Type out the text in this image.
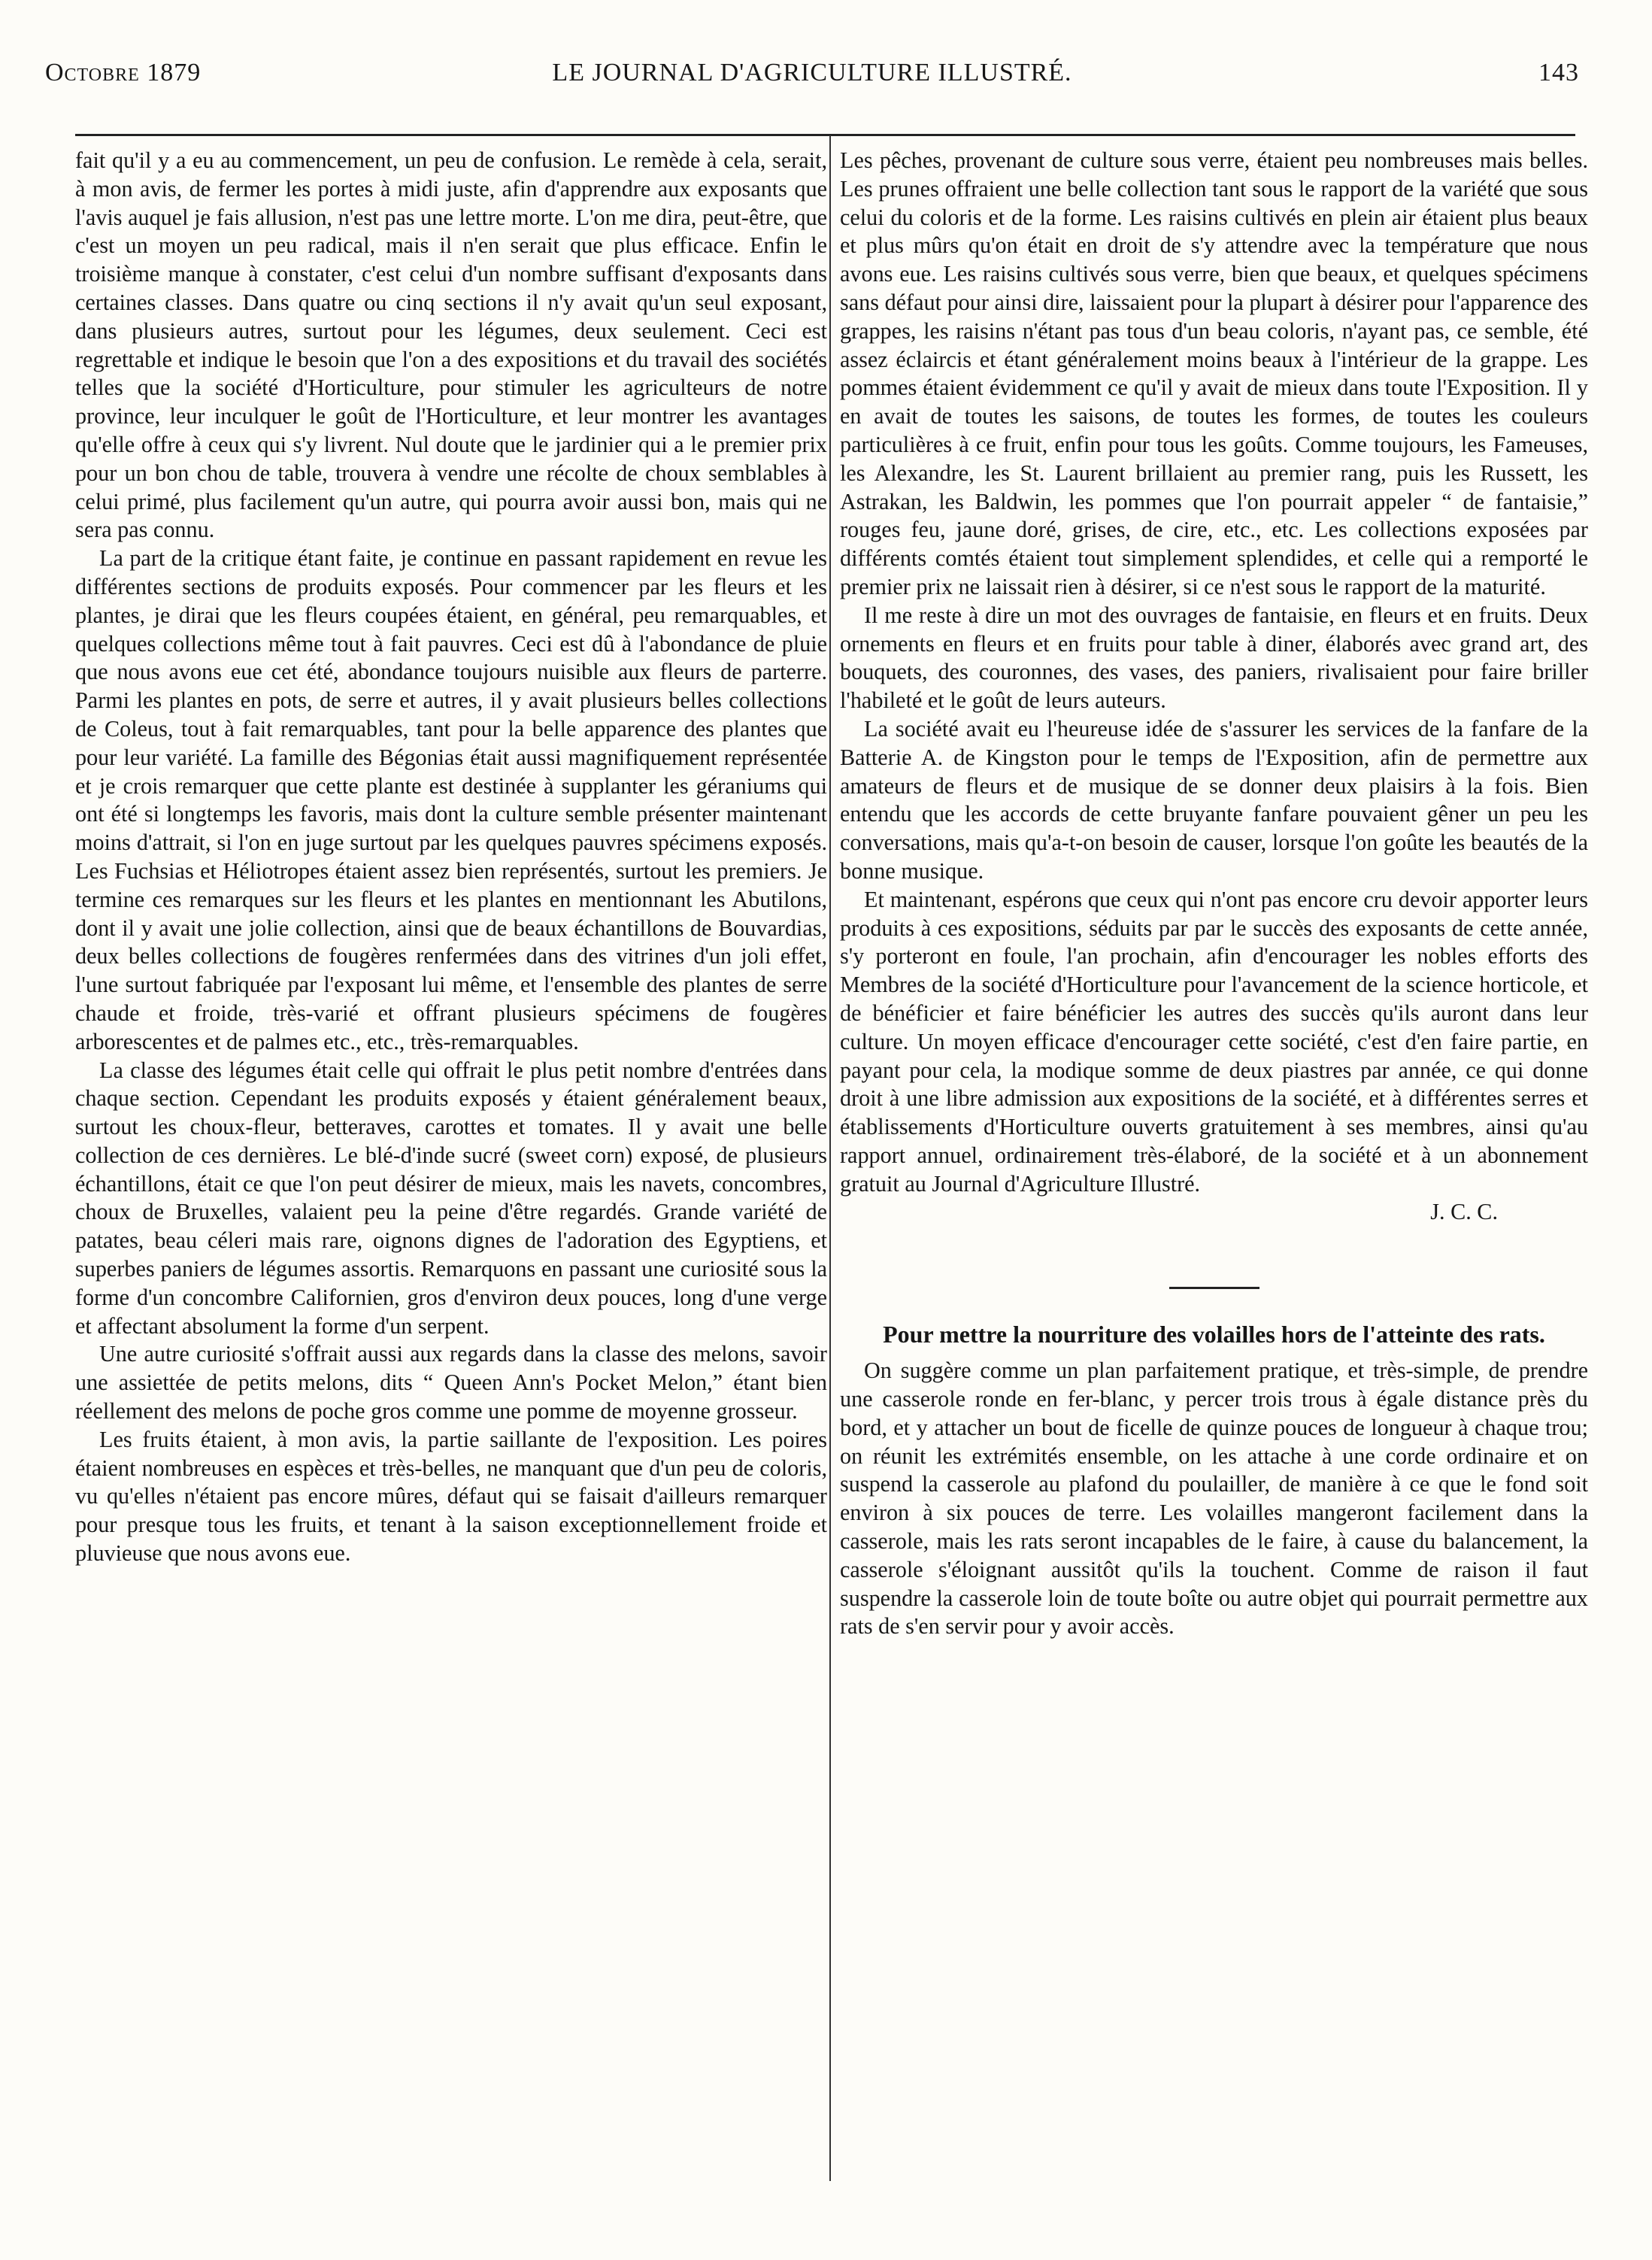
Octobre 1879	LE JOURNAL D'AGRICULTURE ILLUSTRÉ.	143

fait qu'il y a eu au commencement, un peu de confusion. Le remède à cela, serait, à mon avis, de fermer les portes à midi juste, afin d'apprendre aux exposants que l'avis auquel je fais allusion, n'est pas une lettre morte. L'on me dira, peut-être, que c'est un moyen un peu radical, mais il n'en serait que plus efficace. Enfin le troisième manque à constater, c'est celui d'un nombre suffisant d'exposants dans certaines classes. Dans quatre ou cinq sections il n'y avait qu'un seul exposant, dans plusieurs autres, surtout pour les légumes, deux seulement. Ceci est regrettable et indique le besoin que l'on a des expositions et du travail des sociétés telles que la société d'Horticulture, pour stimuler les agriculteurs de notre province, leur inculquer le goût de l'Horticulture, et leur montrer les avantages qu'elle offre à ceux qui s'y livrent. Nul doute que le jardinier qui a le premier prix pour un bon chou de table, trouvera à vendre une récolte de choux semblables à celui primé, plus facilement qu'un autre, qui pourra avoir aussi bon, mais qui ne sera pas connu.

La part de la critique étant faite, je continue en passant rapidement en revue les différentes sections de produits exposés. Pour commencer par les fleurs et les plantes, je dirai que les fleurs coupées étaient, en général, peu remarquables, et quelques collections même tout à fait pauvres. Ceci est dû à l'abondance de pluie que nous avons eue cet été, abondance toujours nuisible aux fleurs de parterre. Parmi les plantes en pots, de serre et autres, il y avait plusieurs belles collections de Coleus, tout à fait remarquables, tant pour la belle apparence des plantes que pour leur variété. La famille des Bégonias était aussi magnifiquement représentée et je crois remarquer que cette plante est destinée à supplanter les géraniums qui ont été si longtemps les favoris, mais dont la culture semble présenter maintenant moins d'attrait, si l'on en juge surtout par les quelques pauvres spécimens exposés. Les Fuchsias et Héliotropes étaient assez bien représentés, surtout les premiers. Je termine ces remarques sur les fleurs et les plantes en mentionnant les Abutilons, dont il y avait une jolie collection, ainsi que de beaux échantillons de Bouvardias, deux belles collections de fougères renfermées dans des vitrines d'un joli effet, l'une surtout fabriquée par l'exposant lui même, et l'ensemble des plantes de serre chaude et froide, très-varié et offrant plusieurs spécimens de fougères arborescentes et de palmes etc., etc., très-remarquables.

La classe des légumes était celle qui offrait le plus petit nombre d'entrées dans chaque section. Cependant les produits exposés y étaient généralement beaux, surtout les choux-fleur, betteraves, carottes et tomates. Il y avait une belle collection de ces dernières. Le blé-d'inde sucré (sweet corn) exposé, de plusieurs échantillons, était ce que l'on peut désirer de mieux, mais les navets, concombres, choux de Bruxelles, valaient peu la peine d'être regardés. Grande variété de patates, beau céleri mais rare, oignons dignes de l'adoration des Egyptiens, et superbes paniers de légumes assortis. Remarquons en passant une curiosité sous la forme d'un concombre Californien, gros d'environ deux pouces, long d'une verge et affectant absolument la forme d'un serpent.

Une autre curiosité s'offrait aussi aux regards dans la classe des melons, savoir une assiettée de petits melons, dits “ Queen Ann's Pocket Melon,” étant bien réellement des melons de poche gros comme une pomme de moyenne grosseur.

Les fruits étaient, à mon avis, la partie saillante de l'exposition. Les poires étaient nombreuses en espèces et très-belles, ne manquant que d'un peu de coloris, vu qu'elles n'étaient pas encore mûres, défaut qui se faisait d'ailleurs remarquer pour presque tous les fruits, et tenant à la saison exceptionnellement froide et pluvieuse que nous avons eue.

Les pêches, provenant de culture sous verre, étaient peu nombreuses mais belles. Les prunes offraient une belle collection tant sous le rapport de la variété que sous celui du coloris et de la forme. Les raisins cultivés en plein air étaient plus beaux et plus mûrs qu'on était en droit de s'y attendre avec la température que nous avons eue. Les raisins cultivés sous verre, bien que beaux, et quelques spécimens sans défaut pour ainsi dire, laissaient pour la plupart à désirer pour l'apparence des grappes, les raisins n'étant pas tous d'un beau coloris, n'ayant pas, ce semble, été assez éclaircis et étant généralement moins beaux à l'intérieur de la grappe. Les pommes étaient évidemment ce qu'il y avait de mieux dans toute l'Exposition. Il y en avait de toutes les saisons, de toutes les formes, de toutes les couleurs particulières à ce fruit, enfin pour tous les goûts. Comme toujours, les Fameuses, les Alexandre, les St. Laurent brillaient au premier rang, puis les Russett, les Astrakan, les Baldwin, les pommes que l'on pourrait appeler “ de fantaisie,” rouges feu, jaune doré, grises, de cire, etc., etc. Les collections exposées par différents comtés étaient tout simplement splendides, et celle qui a remporté le premier prix ne laissait rien à désirer, si ce n'est sous le rapport de la maturité.

Il me reste à dire un mot des ouvrages de fantaisie, en fleurs et en fruits. Deux ornements en fleurs et en fruits pour table à diner, élaborés avec grand art, des bouquets, des couronnes, des vases, des paniers, rivalisaient pour faire briller l'habileté et le goût de leurs auteurs.

La société avait eu l'heureuse idée de s'assurer les services de la fanfare de la Batterie A. de Kingston pour le temps de l'Exposition, afin de permettre aux amateurs de fleurs et de musique de se donner deux plaisirs à la fois. Bien entendu que les accords de cette bruyante fanfare pouvaient gêner un peu les conversations, mais qu'a-t-on besoin de causer, lorsque l'on goûte les beautés de la bonne musique.

Et maintenant, espérons que ceux qui n'ont pas encore cru devoir apporter leurs produits à ces expositions, séduits par par le succès des exposants de cette année, s'y porteront en foule, l'an prochain, afin d'encourager les nobles efforts des Membres de la société d'Horticulture pour l'avancement de la science horticole, et de bénéficier et faire bénéficier les autres des succès qu'ils auront dans leur culture. Un moyen efficace d'encourager cette société, c'est d'en faire partie, en payant pour cela, la modique somme de deux piastres par année, ce qui donne droit à une libre admission aux expositions de la société, et à différentes serres et établissements d'Horticulture ouverts gratuitement à ses membres, ainsi qu'au rapport annuel, ordinairement très-élaboré, de la société et à un abonnement gratuit au Journal d'Agriculture Illustré.

J. C. C.
Pour mettre la nourriture des volailles hors de l'atteinte des rats.

On suggère comme un plan parfaitement pratique, et très-simple, de prendre une casserole ronde en fer-blanc, y percer trois trous à égale distance près du bord, et y attacher un bout de ficelle de quinze pouces de longueur à chaque trou; on réunit les extrémités ensemble, on les attache à une corde ordinaire et on suspend la casserole au plafond du poulailler, de manière à ce que le fond soit environ à six pouces de terre. Les volailles mangeront facilement dans la casserole, mais les rats seront incapables de le faire, à cause du balancement, la casserole s'éloignant aussitôt qu'ils la touchent. Comme de raison il faut suspendre la casserole loin de toute boîte ou autre objet qui pourrait permettre aux rats de s'en servir pour y avoir accès.
